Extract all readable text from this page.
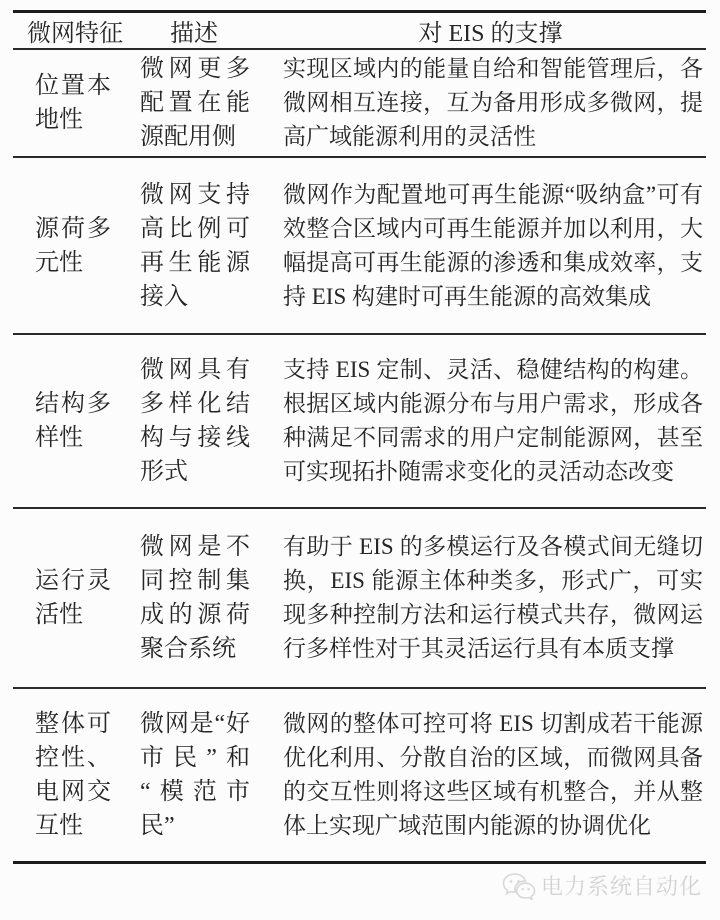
微网特征	描述	对 EIS 的支撑
位置本地性
微网更多配置在能源配用侧
实现区域内的能量自给和智能管理后，各微网相互连接，互为备用形成多微网，提高广域能源利用的灵活性
源荷多元性
微网支持高比例可再生能源接入
微网作为配置地可再生能源“吸纳盒”可有效整合区域内可再生能源并加以利用，大幅提高可再生能源的渗透和集成效率，支持 EIS 构建时可再生能源的高效集成
结构多样性
微网具有多样化结构与接线形式
支持 EIS 定制、灵活、稳健结构的构建。根据区域内能源分布与用户需求，形成各种满足不同需求的用户定制能源网，甚至可实现拓扑随需求变化的灵活动态改变
运行灵活性
微网是不同控制集成的源荷聚合系统
有助于 EIS 的多模运行及各模式间无缝切换，EIS 能源主体种类多，形式广，可实现多种控制方法和运行模式共存，微网运行多样性对于其灵活运行具有本质支撑
整体可控性、电网交互性
微网是“好市民”和“模范市民”
微网的整体可控可将 EIS 切割成若干能源优化利用、分散自治的区域，而微网具备的交互性则将这些区域有机整合，并从整体上实现广域范围内能源的协调优化
电力系统自动化
